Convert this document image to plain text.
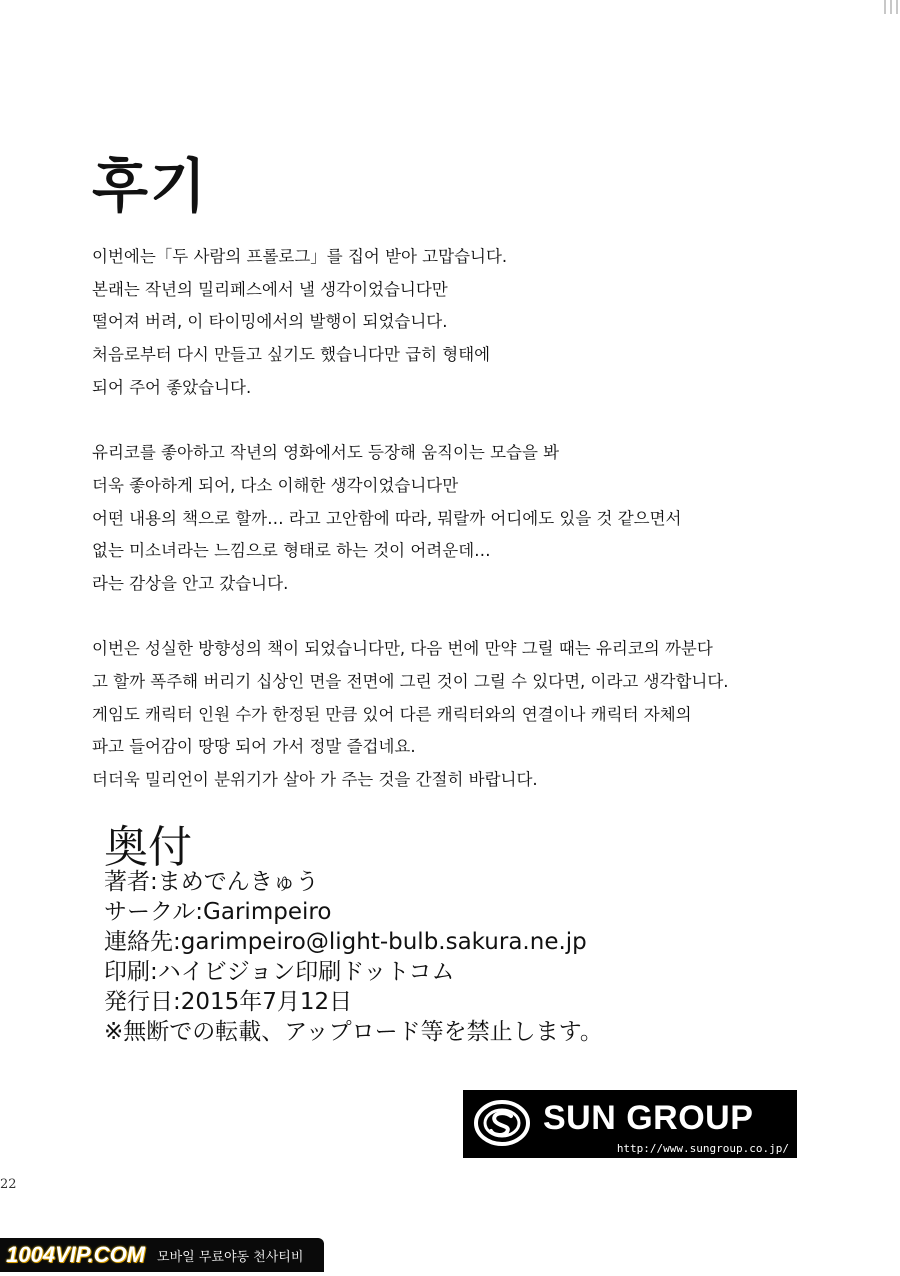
후기
이번에는「두 사람의 프롤로그」를 집어 받아 고맙습니다.
본래는 작년의 밀리페스에서 낼 생각이었습니다만
떨어져 버려, 이 타이밍에서의 발행이 되었습니다.
처음로부터 다시 만들고 싶기도 했습니다만 급히 형태에
되어 주어 좋았습니다.
유리코를 좋아하고 작년의 영화에서도 등장해 움직이는 모습을 봐
더욱 좋아하게 되어, 다소 이해한 생각이었습니다만
어떤 내용의 책으로 할까… 라고 고안함에 따라, 뭐랄까 어디에도 있을 것 같으면서
없는 미소녀라는 느낌으로 형태로 하는 것이 어려운데…
라는 감상을 안고 갔습니다.
이번은 성실한 방향성의 책이 되었습니다만, 다음 번에 만약 그릴 때는 유리코의 까분다
고 할까 폭주해 버리기 십상인 면을 전면에 그린 것이 그릴 수 있다면, 이라고 생각합니다.
게임도 캐릭터 인원 수가 한정된 만큼 있어 다른 캐릭터와의 연결이나 캐릭터 자체의
파고 들어감이 땅땅 되어 가서 정말 즐겁네요.
더더욱 밀리언이 분위기가 살아 가 주는 것을 간절히 바랍니다.
奥付
著者:まめでんきゅう
サークル:Garimpeiro
連絡先:garimpeiro@light-bulb.sakura.ne.jp
印刷:ハイビジョン印刷ドットコム
発行日:2015年7月12日
※無断での転載、アップロード等を禁止します。
SUN GROUP
http://www.sungroup.co.jp/
22
1004VIP.COM 모바일 무료야동 천사티비
